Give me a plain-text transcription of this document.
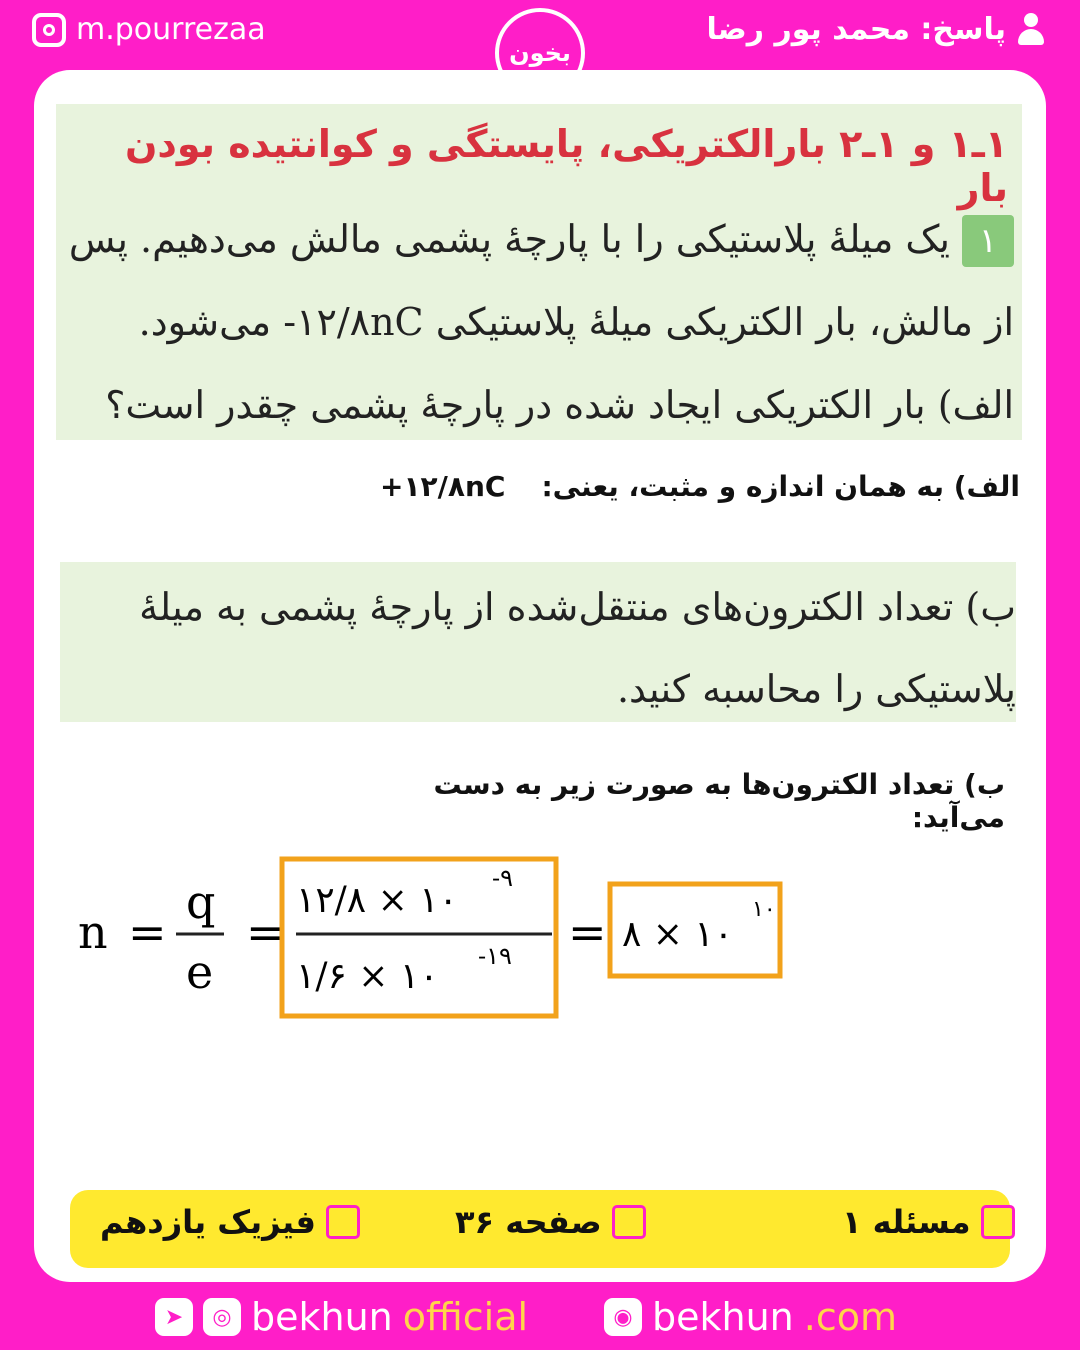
m.pourrezaa	پاسخ: محمد پور رضا
بخون
۱ـ۱ و ۱ـ۲ بارالکتریکی، پایستگی و کوانتیده بودن بار
۱یک میلهٔ پلاستیکی را با پارچهٔ پشمی مالش می‌دهیم. پس
از مالش، بار الکتریکی میلهٔ پلاستیکی ۱۲/۸nC- می‌شود.
الف) بار الکتریکی ایجاد شده در پارچهٔ پشمی چقدر است؟
الف) به همان اندازه و مثبت، یعنی:
+۱۲/۸nC
ب) تعداد الکترون‌های منتقل‌شده از پارچهٔ پشمی به میلهٔ
پلاستیکی را محاسبه کنید.
ب) تعداد الکترون‌ها به صورت زیر به دست می‌آید:
n =
q
e
=
۱۲/۸ × ۱۰
-۹
۱/۶ × ۱۰ -۱۹ = ۸ × ۱۰
۱۰
فیزیک یازدهم	صفحه ۳۶	مسئله ۱
➤	◎ bekhun official	◉ bekhun .com
